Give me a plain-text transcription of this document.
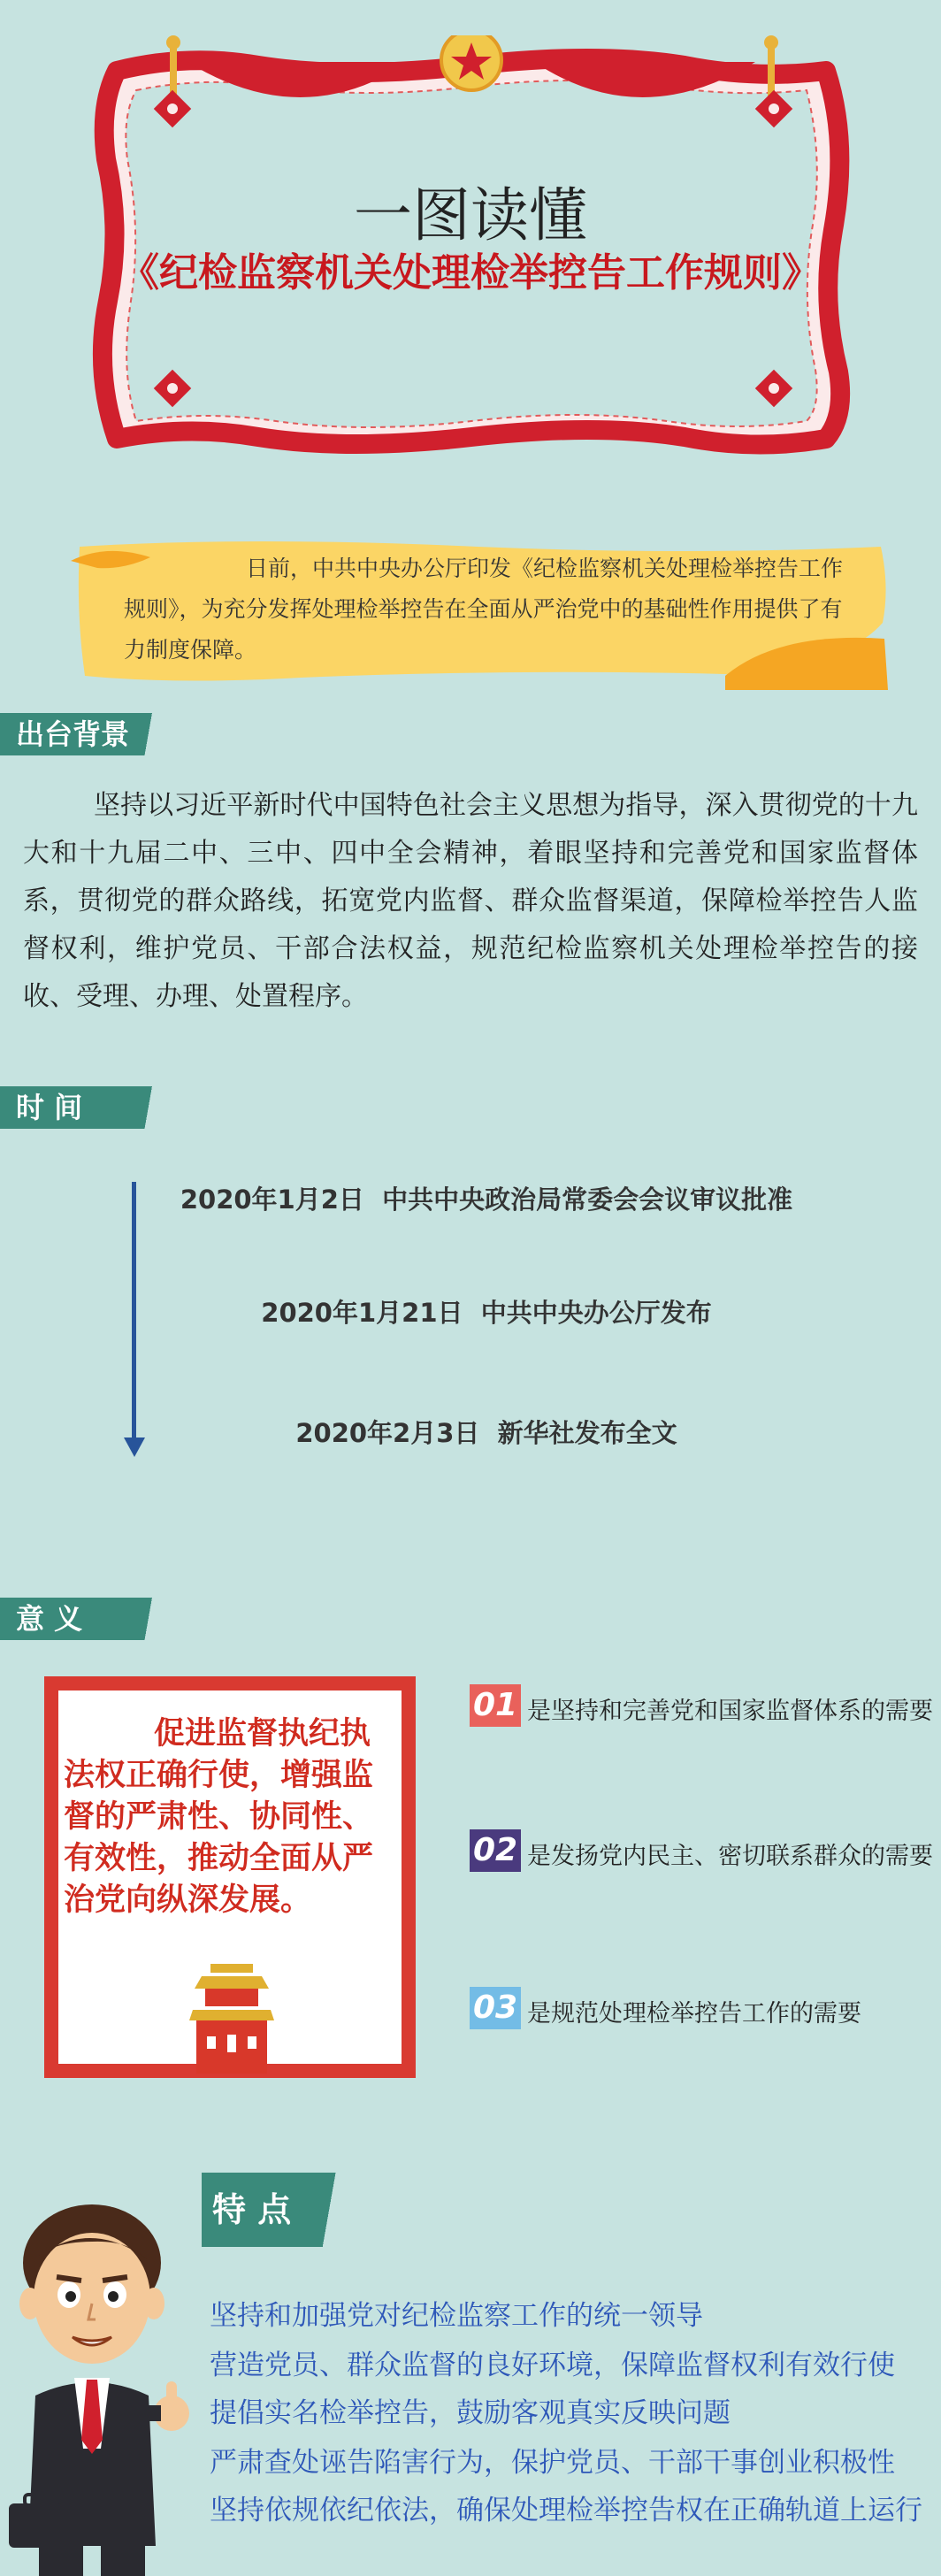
一图读懂
《纪检监察机关处理检举控告工作规则》
日前，中共中央办公厅印发《纪检监察机关处理检举控告工作规则》，为充分发挥处理检举控告在全面从严治党中的基础性作用提供了有力制度保障。
出台背景
坚持以习近平新时代中国特色社会主义思想为指导，深入贯彻党的十九大和十九届二中、三中、四中全会精神，着眼坚持和完善党和国家监督体系，贯彻党的群众路线，拓宽党内监督、群众监督渠道，保障检举控告人监督权利，维护党员、干部合法权益，规范纪检监察机关处理检举控告的接收、受理、办理、处置程序。
时 间
2020年1月2日 中共中央政治局常委会会议审议批准
2020年1月21日 中共中央办公厅发布
2020年2月3日 新华社发布全文
意 义
促进监督执纪执法权正确行使，增强监督的严肃性、协同性、有效性，推动全面从严治党向纵深发展。
01 是坚持和完善党和国家监督体系的需要
02 是发扬党内民主、密切联系群众的需要
03 是规范处理检举控告工作的需要
特 点
坚持和加强党对纪检监察工作的统一领导
营造党员、群众监督的良好环境，保障监督权利有效行使
提倡实名检举控告，鼓励客观真实反映问题
严肃查处诬告陷害行为，保护党员、干部干事创业积极性
坚持依规依纪依法，确保处理检举控告权在正确轨道上运行
